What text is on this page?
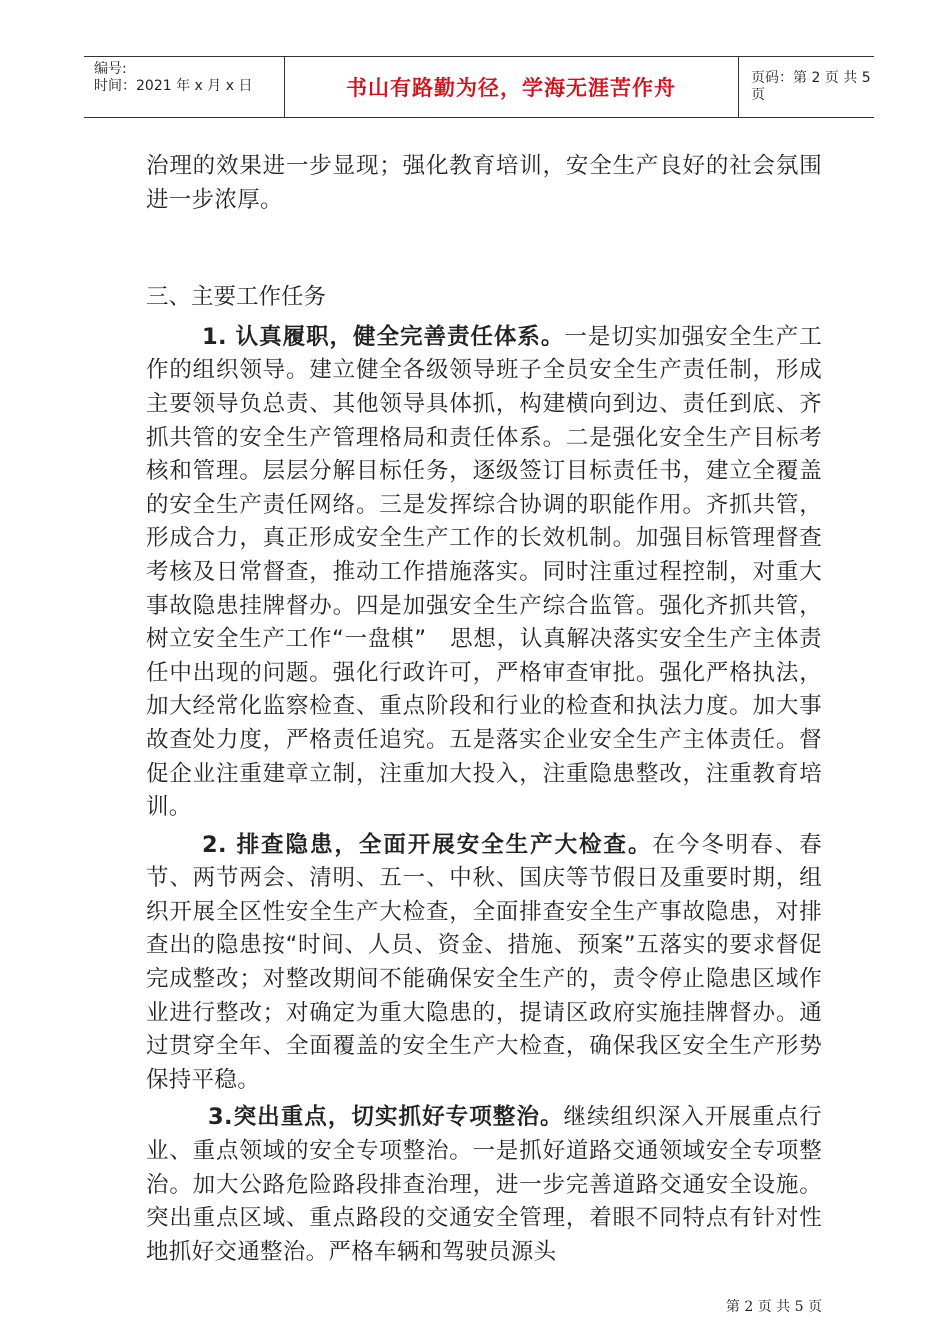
编号:
时间：2021 年 x 月 x 日	书山有路勤为径，学海无涯苦作舟	页码：第 2 页 共 5 页

治理的效果进一步显现；强化教育培训，安全生产良好的社会氛围进一步浓厚。

三、主要工作任务

1. 认真履职，健全完善责任体系。一是切实加强安全生产工作的组织领导。建立健全各级领导班子全员安全生产责任制，形成主要领导负总责、其他领导具体抓，构建横向到边、责任到底、齐抓共管的安全生产管理格局和责任体系。二是强化安全生产目标考核和管理。层层分解目标任务，逐级签订目标责任书，建立全覆盖的安全生产责任网络。三是发挥综合协调的职能作用。齐抓共管，形成合力，真正形成安全生产工作的长效机制。加强目标管理督查考核及日常督查，推动工作措施落实。同时注重过程控制，对重大事故隐患挂牌督办。四是加强安全生产综合监管。强化齐抓共管，树立安全生产工作“一盘棋”　思想，认真解决落实安全生产主体责任中出现的问题。强化行政许可，严格审查审批。强化严格执法，加大经常化监察检查、重点阶段和行业的检查和执法力度。加大事故查处力度，严格责任追究。五是落实企业安全生产主体责任。督促企业注重建章立制，注重加大投入，注重隐患整改，注重教育培训。

2. 排查隐患，全面开展安全生产大检查。在今冬明春、春节、两节两会、清明、五一、中秋、国庆等节假日及重要时期，组织开展全区性安全生产大检查，全面排查安全生产事故隐患，对排查出的隐患按“时间、人员、资金、措施、预案”五落实的要求督促完成整改；对整改期间不能确保安全生产的，责令停止隐患区域作业进行整改；对确定为重大隐患的，提请区政府实施挂牌督办。通过贯穿全年、全面覆盖的安全生产大检查，确保我区安全生产形势保持平稳。

3.突出重点，切实抓好专项整治。继续组织深入开展重点行业、重点领域的安全专项整治。一是抓好道路交通领域安全专项整治。加大公路危险路段排查治理，进一步完善道路交通安全设施。突出重点区域、重点路段的交通安全管理，着眼不同特点有针对性地抓好交通整治。严格车辆和驾驶员源头

第 2 页 共 5 页
